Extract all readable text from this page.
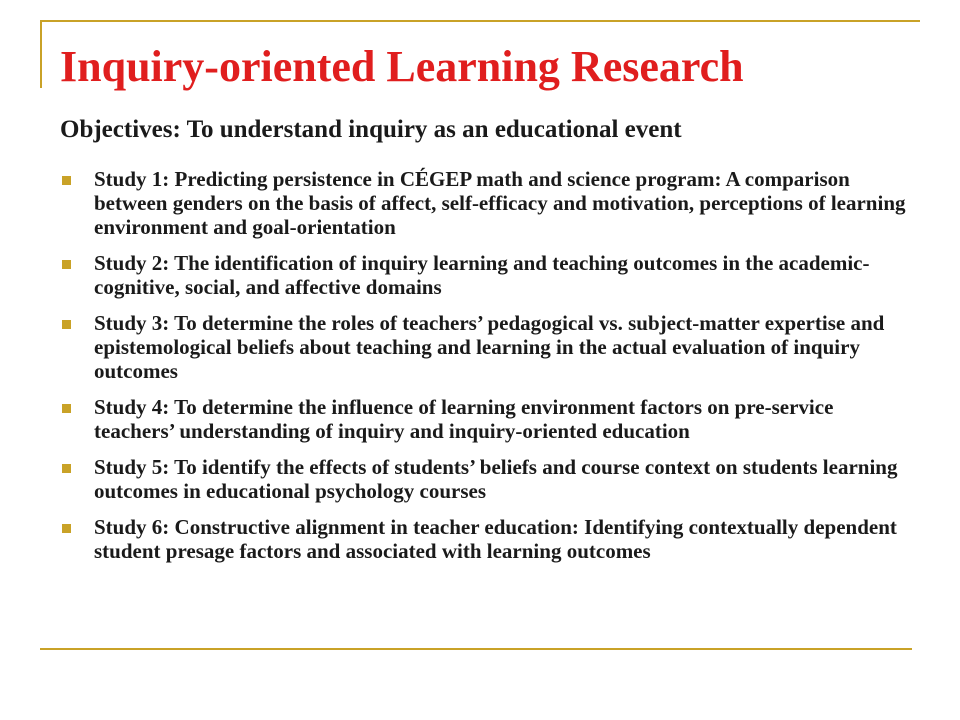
Inquiry-oriented Learning Research
Objectives: To understand inquiry as an educational event
Study 1: Predicting persistence in CÉGEP math and science program: A comparison between genders on the basis of affect, self-efficacy and motivation, perceptions of learning environment and goal-orientation
Study 2: The identification of inquiry learning and teaching outcomes in the academic-cognitive, social, and affective domains
Study 3: To determine the roles of teachers’ pedagogical vs. subject-matter expertise and epistemological beliefs about teaching and learning in the actual evaluation of inquiry outcomes
Study 4: To determine the influence of learning environment factors on pre-service teachers’ understanding of inquiry and inquiry-oriented education
Study 5: To identify the effects of students’ beliefs and course context on students learning outcomes in educational psychology courses
Study 6: Constructive alignment in teacher education: Identifying contextually dependent student presage factors and associated with learning outcomes
